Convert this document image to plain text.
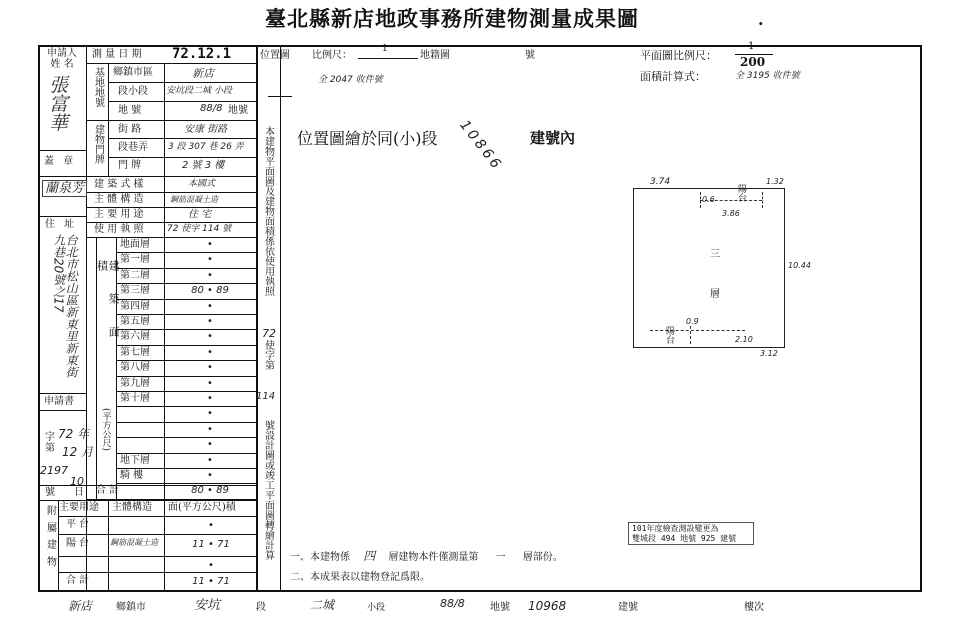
臺北縣新店地政事務所建物測量成果圖	.
申請人
姓 名
張富華
蓋 章
蘭泉芳
住 址
台北市松山區新東里新東街九巷20號之17
申請書
字
第
72 年
12 月
2197
10
號 日
測 量 日 期 72.12.1
基地地號 鄉鎮市區	新店
段小段 安坑段二城 小段
地 號	88/8 地號
建物門牌 街 路	安康 街路
段巷弄 3 段 307 巷 26 弄
門 牌	2 號 3 樓
建 築 式 樣	本國式
主 體 構 造	鋼筋混凝土造
主 要 用 途	住 宅
使 用 執 照	72 使字 114 號
建築面積
(平方公尺)
地面層	•
第一層	•
第二層	•
第三層	80 • 89
第四層	•
第五層	•
第六層	•
第七層	•
第八層	•
第九層	•
第十層	•
•
•
•
地下層	•
騎 樓	•
合 計	80 • 89
附屬建物 主要用途 主體構造 面(平方公尺)積
平 台	•
陽 台	鋼筋混凝土造	11 • 71
•
合 計	11 • 71
本建物平面圖及建物面積係依使用執照
72
使字第
114
號設計圖或竣工平面圖轉繪計算
位置圖 比例尺：
1
地籍圖	號
全 2047 收件號
位置圖繪於同(小)段 10866 建號內
平面圖比例尺：
1
200
面積計算式：	全 3195 收件號
3.74	1.32
10.44
0.6
3.86
0.9
2.10
3.12
陽台
三
層
陽台
101年度檢查測設變更為
雙城段 494 地號 925 建號
一、本建物係 四 層建物本件僅測量第 一 層部份。
二、本成果表以建物登記爲限。
新店 鄉鎮市	安坑	段	二城	小段	88/8	地號 10968	建號	樓次
